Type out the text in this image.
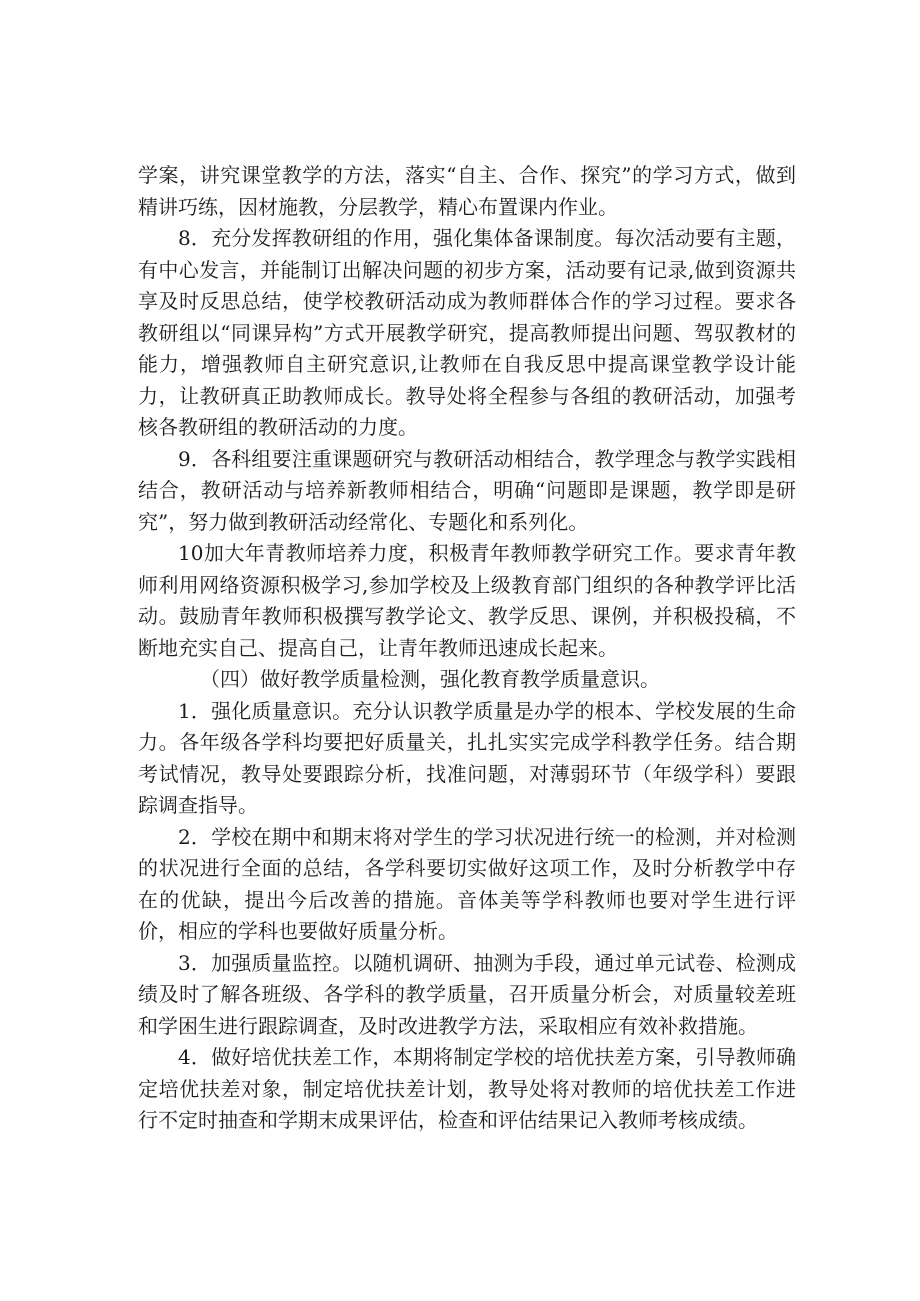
学案，讲究课堂教学的方法，落实“自主、合作、探究”的学习方式，做到精讲巧练，因材施教，分层教学，精心布置课内作业。

8．充分发挥教研组的作用，强化集体备课制度。每次活动要有主题，有中心发言，并能制订出解决问题的初步方案，活动要有记录,做到资源共享及时反思总结，使学校教研活动成为教师群体合作的学习过程。要求各教研组以“同课异构”方式开展教学研究，提高教师提出问题、驾驭教材的能力，增强教师自主研究意识,让教师在自我反思中提高课堂教学设计能力，让教研真正助教师成长。教导处将全程参与各组的教研活动，加强考核各教研组的教研活动的力度。

9．各科组要注重课题研究与教研活动相结合，教学理念与教学实践相结合，教研活动与培养新教师相结合，明确“问题即是课题，教学即是研究”，努力做到教研活动经常化、专题化和系列化。

10加大年青教师培养力度，积极青年教师教学研究工作。要求青年教师利用网络资源积极学习,参加学校及上级教育部门组织的各种教学评比活动。鼓励青年教师积极撰写教学论文、教学反思、课例，并积极投稿，不断地充实自己、提高自己，让青年教师迅速成长起来。

（四）做好教学质量检测，强化教育教学质量意识。

1．强化质量意识。充分认识教学质量是办学的根本、学校发展的生命力。各年级各学科均要把好质量关，扎扎实实完成学科教学任务。结合期考试情况，教导处要跟踪分析，找准问题，对薄弱环节（年级学科）要跟踪调查指导。

2．学校在期中和期末将对学生的学习状况进行统一的检测，并对检测的状况进行全面的总结，各学科要切实做好这项工作，及时分析教学中存在的优缺，提出今后改善的措施。音体美等学科教师也要对学生进行评价，相应的学科也要做好质量分析。

3．加强质量监控。以随机调研、抽测为手段，通过单元试卷、检测成绩及时了解各班级、各学科的教学质量，召开质量分析会，对质量较差班和学困生进行跟踪调查，及时改进教学方法，采取相应有效补救措施。

4．做好培优扶差工作，本期将制定学校的培优扶差方案，引导教师确定培优扶差对象，制定培优扶差计划，教导处将对教师的培优扶差工作进行不定时抽查和学期末成果评估，检查和评估结果记入教师考核成绩。
